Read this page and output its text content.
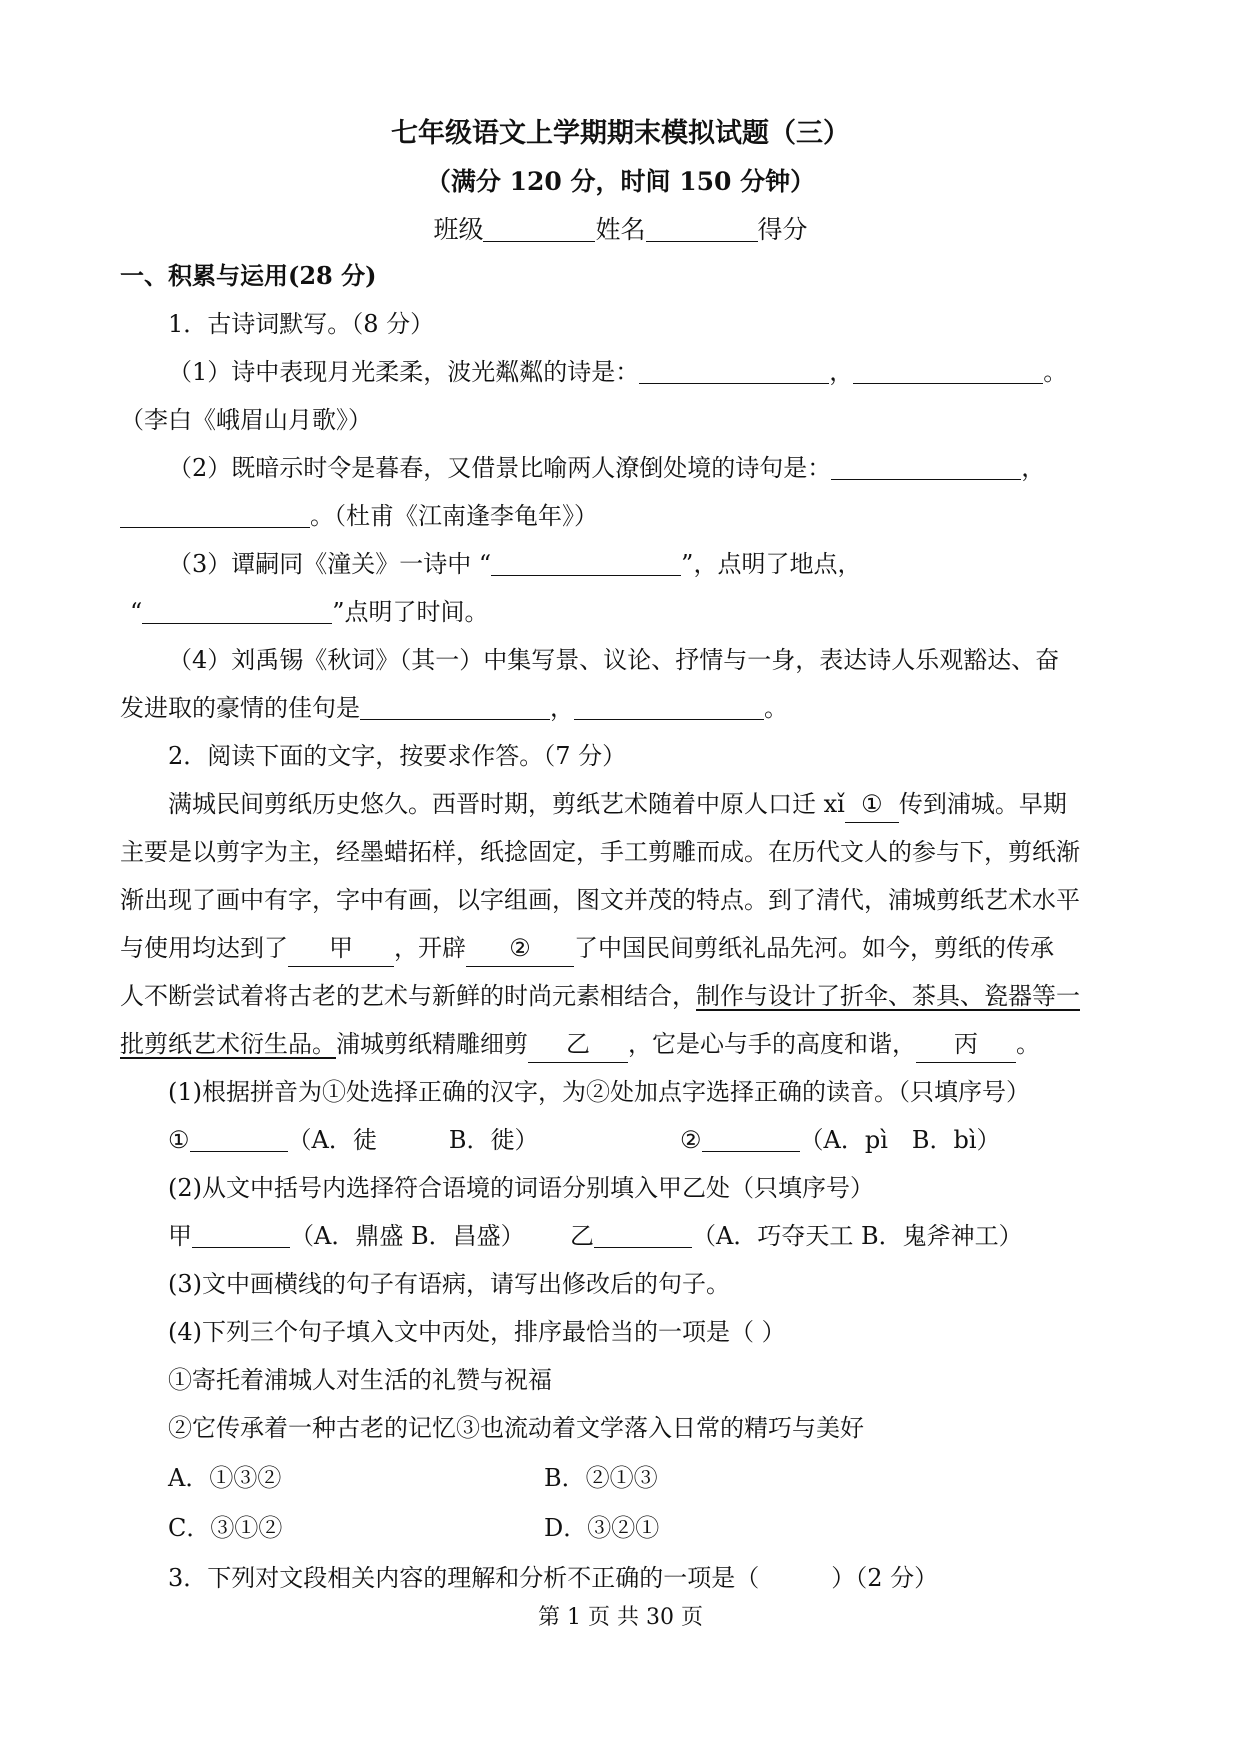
七年级语文上学期期末模拟试题（三）
（满分 120 分，时间 150 分钟）
班级	姓名	得分
一、积累与运用(28 分)
1．古诗词默写。（8 分）
（1）诗中表现月光柔柔，波光粼粼的诗是：	，	。
（李白《峨眉山月歌》）
（2）既暗示时令是暮春，又借景比喻两人潦倒处境的诗句是：	，
。（杜甫《江南逢李龟年》）
（3）谭嗣同《潼关》一诗中 “	”，点明了地点，
“	”点明了时间。
（4）刘禹锡《秋词》（其一）中集写景、议论、抒情与一身，表达诗人乐观豁达、奋
发进取的豪情的佳句是	，	。
2．阅读下面的文字，按要求作答。（7 分）
满城民间剪纸历史悠久。西晋时期，剪纸艺术随着中原人口迁 xǐ ① 传到浦城。早期
主要是以剪字为主，经墨蜡拓样，纸捻固定，手工剪雕而成。在历代文人的参与下，剪纸渐
渐出现了画中有字，字中有画，以字组画，图文并茂的特点。到了清代，浦城剪纸艺术水平
与使用均达到了 甲 ，开辟 ② 了中国民间剪纸礼品先河。如今，剪纸的传承
人不断尝试着将古老的艺术与新鲜的时尚元素相结合，制作与设计了折伞、茶具、瓷器等一
批剪纸艺术衍生品。浦城剪纸精雕细剪 乙 ，它是心与手的高度和谐， 丙 。
(1)根据拼音为①处选择正确的汉字，为②处加点字选择正确的读音。（只填序号）
①	（A．徒　　　B．徙）	②	（A．pì　B．bì）
(2)从文中括号内选择符合语境的词语分别填入甲乙处（只填序号）
甲	（A．鼎盛 B．昌盛） 乙	（A．巧夺天工 B．鬼斧神工）
(3)文中画横线的句子有语病，请写出修改后的句子。
(4)下列三个句子填入文中丙处，排序最恰当的一项是（ ）
①寄托着浦城人对生活的礼赞与祝福
②它传承着一种古老的记忆③也流动着文学落入日常的精巧与美好
A．①③②	B．②①③
C．③①②	D．③②①
3．下列对文段相关内容的理解和分析不正确的一项是（　　　）（2 分）
第 1 页 共 30 页
